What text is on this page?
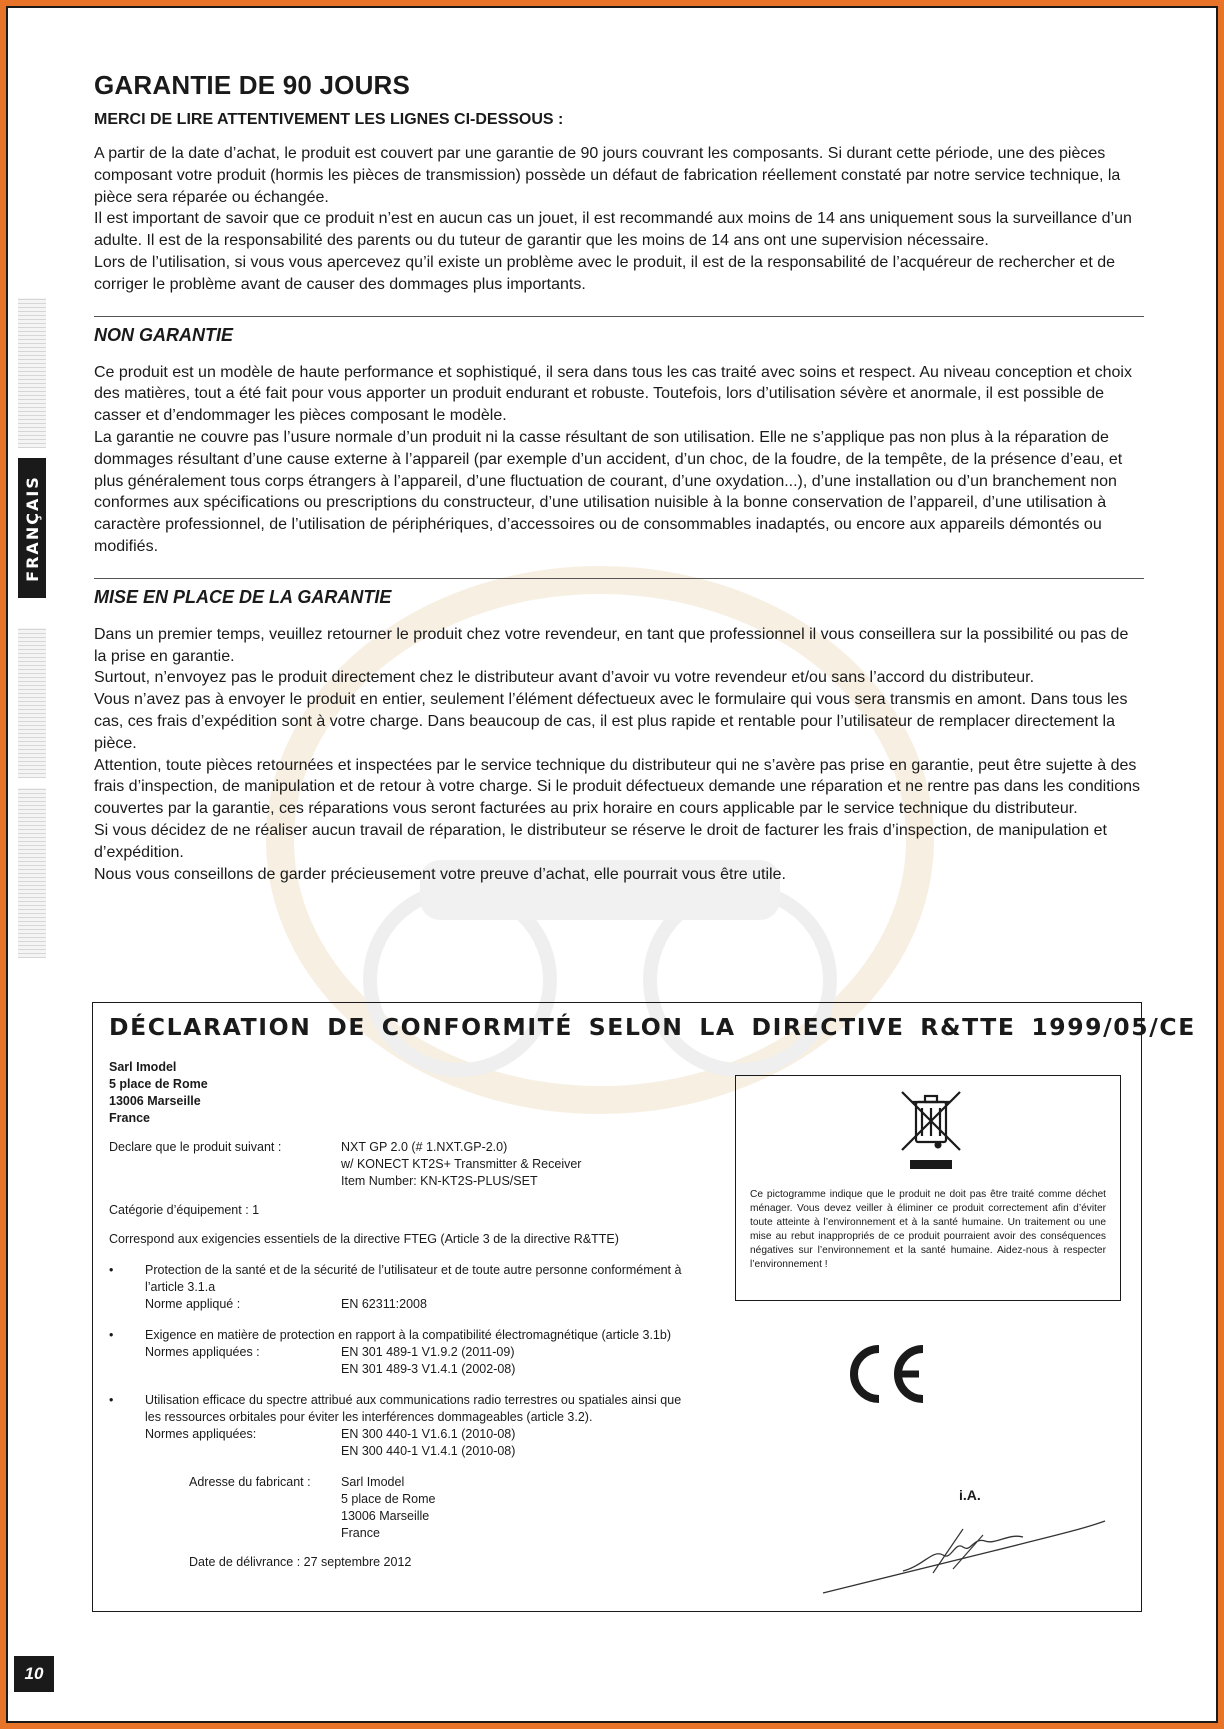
FRANÇAIS
GARANTIE DE 90 JOURS
MERCI DE LIRE ATTENTIVEMENT LES LIGNES CI-DESSOUS :

A partir de la date d’achat, le produit est couvert par une garantie de 90 jours couvrant les composants. Si durant cette période, une des pièces composant votre produit (hormis les pièces de transmission) possède un défaut de fabrication réellement constaté par notre service technique, la pièce sera réparée ou échangée.

Il est important de savoir que ce produit n’est en aucun cas un jouet, il est recommandé aux moins de 14 ans uniquement sous la surveillance d’un adulte. Il est de la responsabilité des parents ou du tuteur de garantir que les moins de 14 ans ont une supervision nécessaire.

Lors de l’utilisation, si vous vous apercevez qu’il existe un problème avec le produit, il est de la responsabilité de l’acquéreur de rechercher et de corriger le problème avant de causer des dommages plus importants.

NON GARANTIE

Ce produit est un modèle de haute performance et sophistiqué, il sera dans tous les cas traité avec soins et respect. Au niveau conception et choix des matières, tout a été fait pour vous apporter un produit endurant et robuste. Toutefois, lors d’utilisation sévère et anormale, il est possible de casser et d’endommager les pièces composant le modèle.

La garantie ne couvre pas l’usure normale d’un produit ni la casse résultant de son utilisation. Elle ne s’applique pas non plus à la réparation de dommages résultant d’une cause externe à l’appareil (par exemple d’un accident, d’un choc, de la foudre, de la tempête, de la présence d’eau, et plus généralement tous corps étrangers à l’appareil, d’une fluctuation de courant, d’une oxydation...), d’une installation ou d’un branchement non conformes aux spécifications ou prescriptions du constructeur, d’une utilisation nuisible à la bonne conservation de l’appareil, d’une utilisation à caractère professionnel, de l’utilisation de périphériques, d’accessoires ou de consommables inadaptés, ou encore aux appareils démontés ou modifiés.

MISE EN PLACE DE LA GARANTIE

Dans un premier temps, veuillez retourner le produit chez votre revendeur, en tant que professionnel il vous conseillera sur la possibilité ou pas de la prise en garantie.

Surtout, n’envoyez pas le produit directement chez le distributeur avant d’avoir vu votre revendeur et/ou sans l’accord du distributeur.

Vous n’avez pas à envoyer le produit en entier, seulement l’élément défectueux avec le formulaire qui vous sera transmis en amont. Dans tous les cas, ces frais d’expédition sont à votre charge. Dans beaucoup de cas, il est plus rapide et rentable pour l’utilisateur de remplacer directement la pièce.

Attention, toute pièces retournées et inspectées par le service technique du distributeur qui ne s’avère pas prise en garantie, peut être sujette à des frais d’inspection, de manipulation et de retour à votre charge. Si le produit défectueux demande une réparation et ne rentre pas dans les conditions couvertes par la garantie, ces réparations vous seront facturées au prix horaire en cours applicable par le service technique du distributeur.

Si vous décidez de ne réaliser aucun travail de réparation, le distributeur se réserve le droit de facturer les frais d’inspection, de manipulation et d’expédition.

Nous vous conseillons de garder précieusement votre preuve d’achat, elle pourrait vous être utile.

DÉCLARATION DE CONFORMITÉ SELON LA DIRECTIVE R&TTE 1999/05/CE
Sarl Imodel
5 place de Rome
13006 Marseille
France
Declare que le produit suivant :	NXT GP 2.0 (# 1.NXT.GP-2.0)
w/ KONECT KT2S+ Transmitter & Receiver
Item Number: KN-KT2S-PLUS/SET
Catégorie d’équipement : 1
Correspond aux exigencies essentiels de la directive FTEG (Article 3 de la directive R&TTE)
•	Protection de la santé et de la sécurité de l’utilisateur et de toute autre personne conformément à l’article 3.1.a
Norme appliqué :	EN 62311:2008
•	Exigence en matière de protection en rapport à la compatibilité électromagnétique (article 3.1b)
Normes appliquées :	EN 301 489-1 V1.9.2 (2011-09)
EN 301 489-3 V1.4.1 (2002-08)
•	Utilisation efficace du spectre attribué aux communications radio terrestres ou spatiales ainsi que les ressources orbitales pour éviter les interférences dommageables (article 3.2).
Normes appliquées:	EN 300 440-1 V1.6.1 (2010-08)
EN 300 440-1 V1.4.1 (2010-08)
Adresse du fabricant :	Sarl Imodel
5 place de Rome
13006 Marseille
France
Date de délivrance : 27 septembre 2012
Ce pictogramme indique que le produit ne doit pas être traité comme déchet ménager. Vous devez veiller à éliminer ce produit correctement afin d’éviter toute atteinte à l’environnement et à la santé humaine. Un traitement ou une mise au rebut inappropriés de ce produit pourraient avoir des conséquences négatives sur l’environnement et la santé humaine. Aidez-nous à respecter l’environnement !
i.A.
10
